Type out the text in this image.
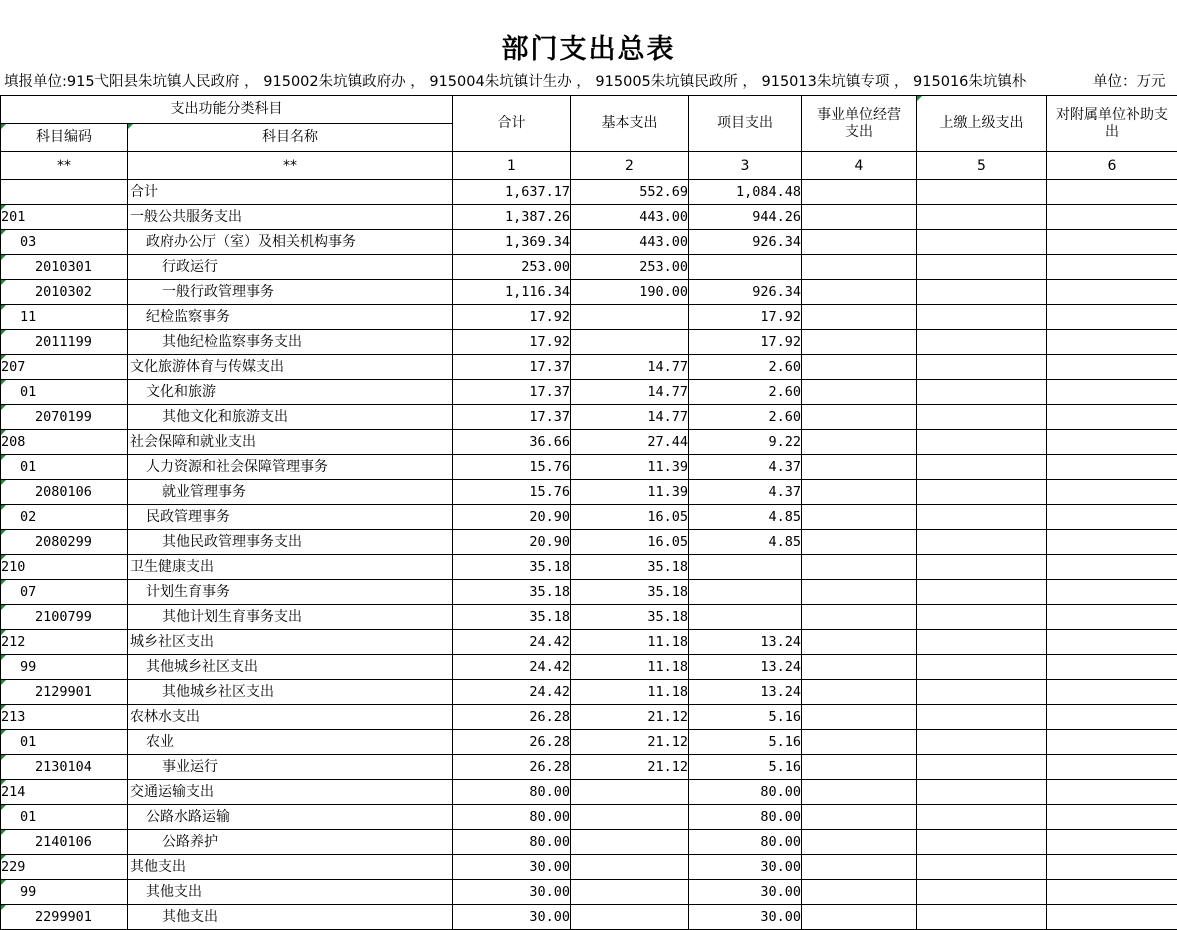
部门支出总表
填报单位:915弋阳县朱坑镇人民政府 ， 915002朱坑镇政府办 ， 915004朱坑镇计生办 ， 915005朱坑镇民政所 ， 915013朱坑镇专项 ， 915016朱坑镇朴	单位：万元
支出功能分类科目		合计	基本支出	项目支出	事业单位经营支出	上缴上级支出	对附属单位补助支出

科目编码	科目名称						
**	**	1	2	3	4	5	6
	合计	1,637.17	552.69	1,084.48			
201	一般公共服务支出	1,387.26	443.00	944.26			
03	政府办公厅（室）及相关机构事务	1,369.34	443.00	926.34			
2010301	行政运行	253.00	253.00				
2010302	一般行政管理事务	1,116.34	190.00	926.34			
11	纪检监察事务	17.92		17.92			
2011199	其他纪检监察事务支出	17.92		17.92			
207	文化旅游体育与传媒支出	17.37	14.77	2.60			
01	文化和旅游	17.37	14.77	2.60			
2070199	其他文化和旅游支出	17.37	14.77	2.60			
208	社会保障和就业支出	36.66	27.44	9.22			
01	人力资源和社会保障管理事务	15.76	11.39	4.37			
2080106	就业管理事务	15.76	11.39	4.37			
02	民政管理事务	20.90	16.05	4.85			
2080299	其他民政管理事务支出	20.90	16.05	4.85			
210	卫生健康支出	35.18	35.18				
07	计划生育事务	35.18	35.18				
2100799	其他计划生育事务支出	35.18	35.18				
212	城乡社区支出	24.42	11.18	13.24			
99	其他城乡社区支出	24.42	11.18	13.24			
2129901	其他城乡社区支出	24.42	11.18	13.24			
213	农林水支出	26.28	21.12	5.16			
01	农业	26.28	21.12	5.16			
2130104	事业运行	26.28	21.12	5.16			
214	交通运输支出	80.00		80.00			
01	公路水路运输	80.00		80.00			
2140106	公路养护	80.00		80.00			
229	其他支出	30.00		30.00			
99	其他支出	30.00		30.00			
2299901	其他支出	30.00		30.00			
